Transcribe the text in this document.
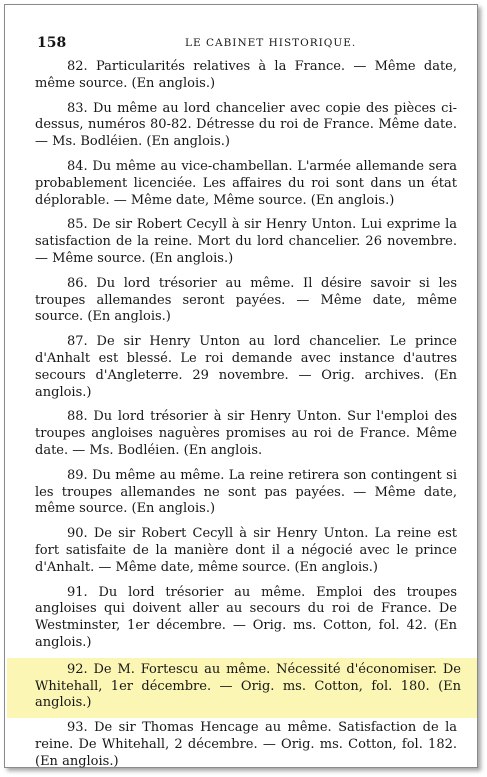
158	LE CABINET HISTORIQUE.

82. Particularités relatives à la France. — Même date, même source. (En anglois.)

83. Du même au lord chancelier avec copie des pièces ci-dessus, numéros 80-82. Détresse du roi de France. Même date. — Ms. Bodléien. (En anglois.)

84. Du même au vice-chambellan. L'armée allemande sera probablement licenciée. Les affaires du roi sont dans un état déplorable. — Même date, Même source. (En anglois.)

85. De sir Robert Cecyll à sir Henry Unton. Lui exprime la satisfaction de la reine. Mort du lord chancelier. 26 novembre. — Même source. (En anglois.)

86. Du lord trésorier au même. Il désire savoir si les troupes allemandes seront payées. — Même date, même source. (En anglois.)

87. De sir Henry Unton au lord chancelier. Le prince d'Anhalt est blessé. Le roi demande avec instance d'autres secours d'Angleterre. 29 novembre. — Orig. archives. (En anglois.)

88. Du lord trésorier à sir Henry Unton. Sur l'emploi des troupes angloises naguères promises au roi de France. Même date. — Ms. Bodléien. (En anglois.

89. Du même au même. La reine retirera son contingent si les troupes allemandes ne sont pas payées. — Même date, même source. (En anglois.)

90. De sir Robert Cecyll à sir Henry Unton. La reine est fort satisfaite de la manière dont il a négocié avec le prince d'Anhalt. — Même date, même source. (En anglois.)

91. Du lord trésorier au même. Emploi des troupes angloises qui doivent aller au secours du roi de France. De Westminster, 1er décembre. — Orig. ms. Cotton, fol. 42. (En anglois.)

92. De M. Fortescu au même. Nécessité d'économiser. De Whitehall, 1er décembre. — Orig. ms. Cotton, fol. 180. (En anglois.)

93. De sir Thomas Hencage au même. Satisfaction de la reine. De Whitehall, 2 décembre. — Orig. ms. Cotton, fol. 182. (En anglois.)
